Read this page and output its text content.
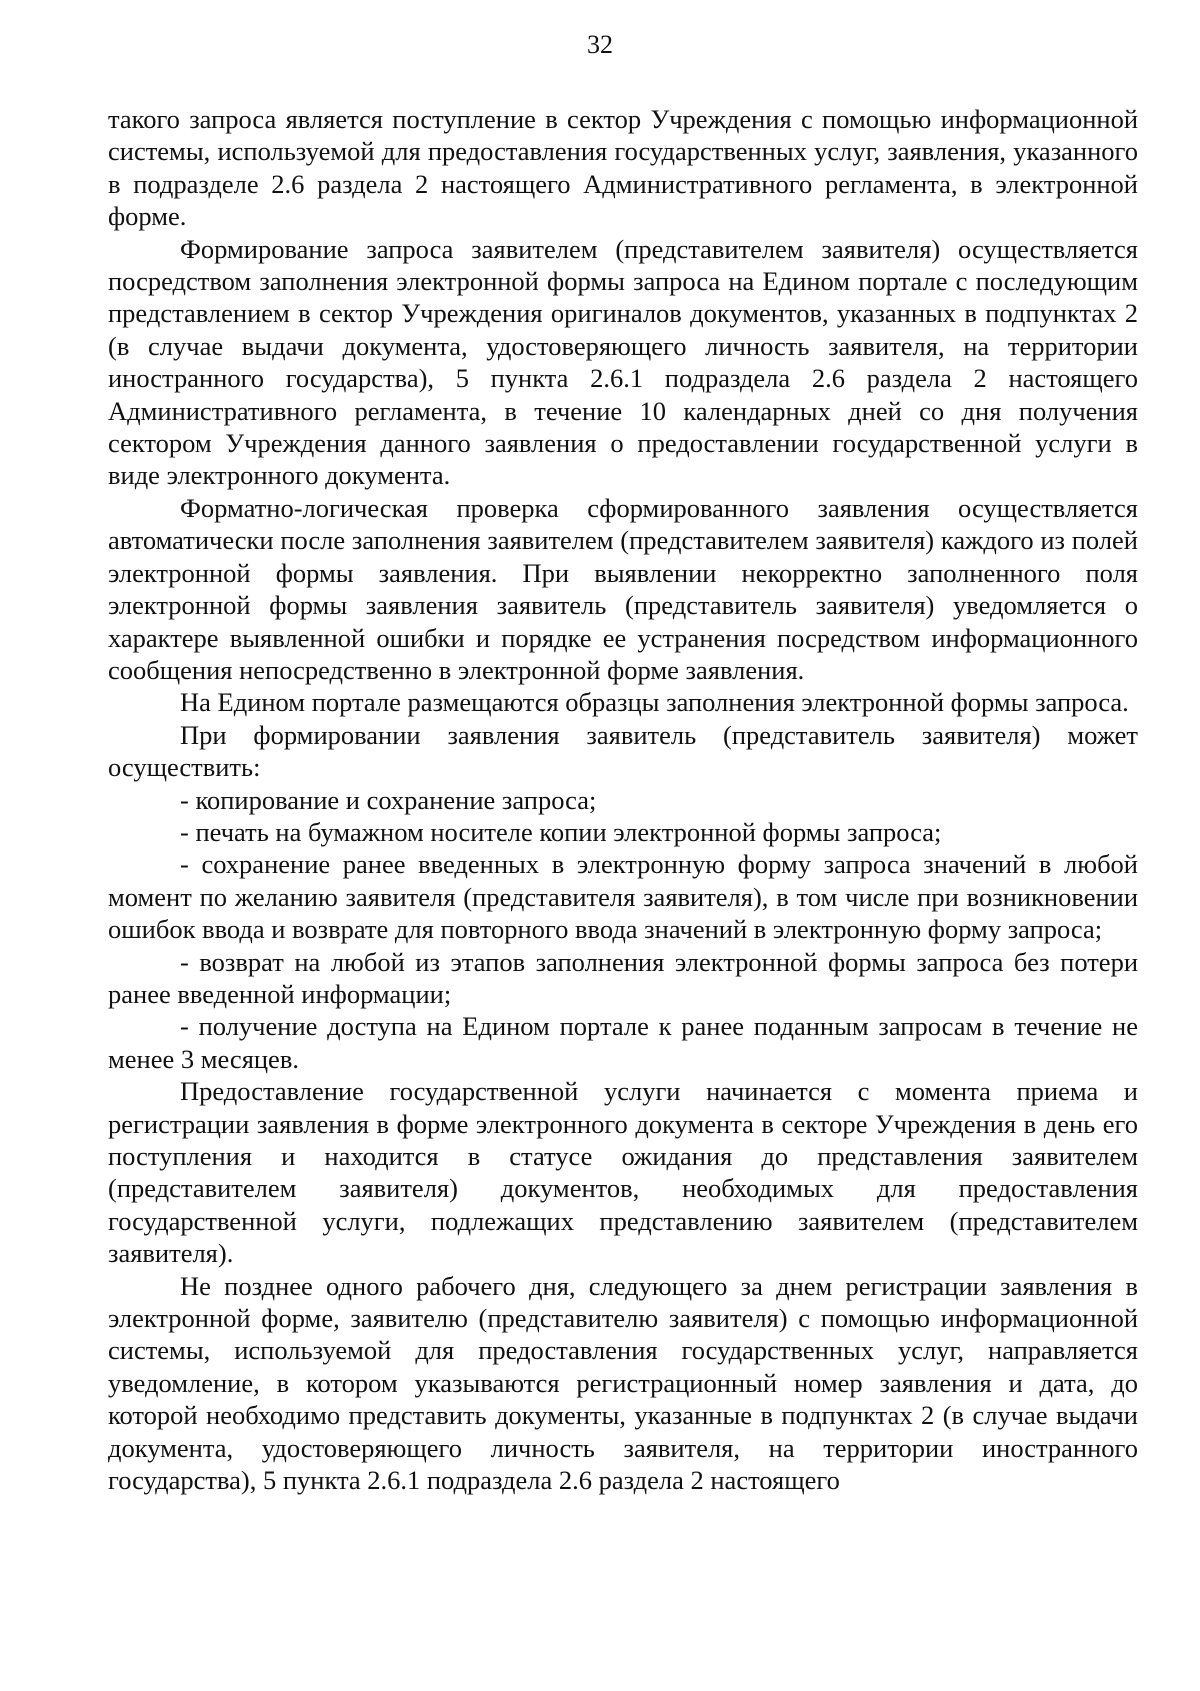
32

такого запроса является поступление в сектор Учреждения с помощью информационной системы, используемой для предоставления государственных услуг, заявления, указанного в подразделе 2.6 раздела 2 настоящего Административного регламента, в электронной форме.

Формирование запроса заявителем (представителем заявителя) осуществляется посредством заполнения электронной формы запроса на Едином портале с последующим представлением в сектор Учреждения оригиналов документов, указанных в подпунктах 2 (в случае выдачи документа, удостоверяющего личность заявителя, на территории иностранного государства), 5 пункта 2.6.1 подраздела 2.6 раздела 2 настоящего Административного регламента, в течение 10 календарных дней со дня получения сектором Учреждения данного заявления о предоставлении государственной услуги в виде электронного документа.

Форматно-логическая проверка сформированного заявления осуществляется автоматически после заполнения заявителем (представителем заявителя) каждого из полей электронной формы заявления. При выявлении некорректно заполненного поля электронной формы заявления заявитель (представитель заявителя) уведомляется о характере выявленной ошибки и порядке ее устранения посредством информационного сообщения непосредственно в электронной форме заявления.

На Едином портале размещаются образцы заполнения электронной формы запроса.

При формировании заявления заявитель (представитель заявителя) может осуществить:

- копирование и сохранение запроса;

- печать на бумажном носителе копии электронной формы запроса;

- сохранение ранее введенных в электронную форму запроса значений в любой момент по желанию заявителя (представителя заявителя), в том числе при возникновении ошибок ввода и возврате для повторного ввода значений в электронную форму запроса;

- возврат на любой из этапов заполнения электронной формы запроса без потери ранее введенной информации;

- получение доступа на Едином портале к ранее поданным запросам в течение не менее 3 месяцев.

Предоставление государственной услуги начинается с момента приема и регистрации заявления в форме электронного документа в секторе Учреждения в день его поступления и находится в статусе ожидания до представления заявителем (представителем заявителя) документов, необходимых для предоставления государственной услуги, подлежащих представлению заявителем (представителем заявителя).

Не позднее одного рабочего дня, следующего за днем регистрации заявления в электронной форме, заявителю (представителю заявителя) с помощью информационной системы, используемой для предоставления государственных услуг, направляется уведомление, в котором указываются регистрационный номер заявления и дата, до которой необходимо представить документы, указанные в подпунктах 2 (в случае выдачи документа, удостоверяющего личность заявителя, на территории иностранного государства), 5 пункта 2.6.1 подраздела 2.6 раздела 2 настоящего
